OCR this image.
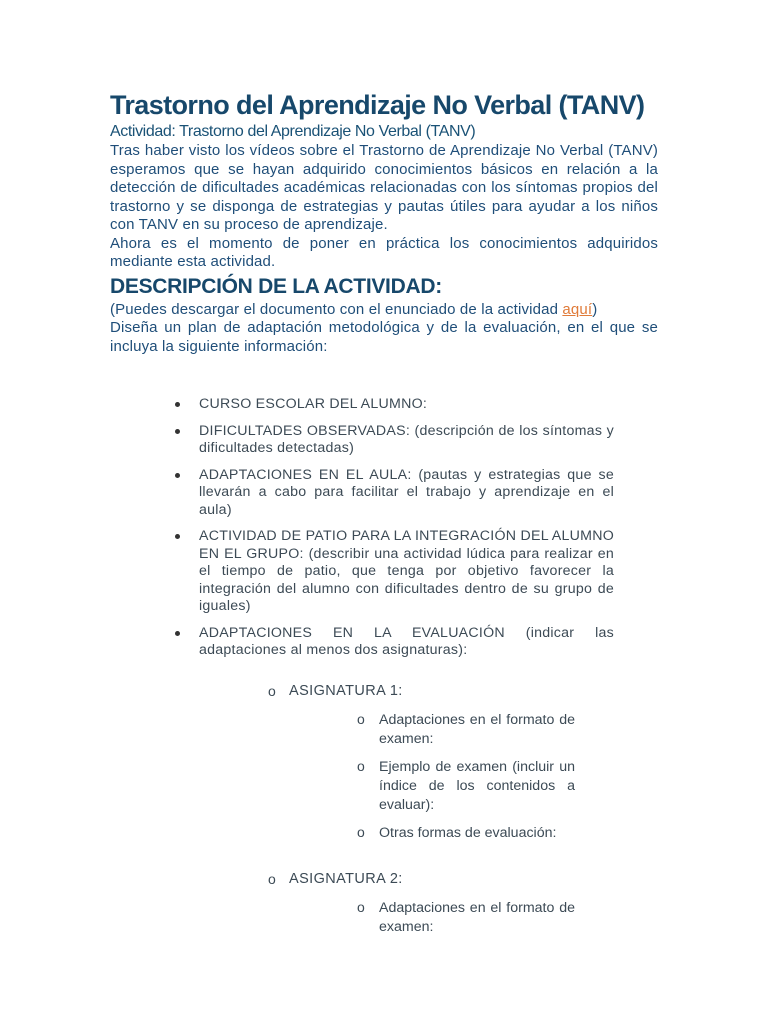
Trastorno del Aprendizaje No Verbal (TANV)

Actividad: Trastorno del Aprendizaje No Verbal (TANV)

Tras haber visto los vídeos sobre el Trastorno de Aprendizaje No Verbal (TANV) esperamos que se hayan adquirido conocimientos básicos en relación a la detección de dificultades académicas relacionadas con los síntomas propios del trastorno y se disponga de estrategias y pautas útiles para ayudar a los niños con TANV en su proceso de aprendizaje.

Ahora es el momento de poner en práctica los conocimientos adquiridos mediante esta actividad.

DESCRIPCIÓN DE LA ACTIVIDAD:

(Puedes descargar el documento con el enunciado de la actividad aquí)

Diseña un plan de adaptación metodológica y de la evaluación, en el que se incluya la siguiente información:

CURSO ESCOLAR DEL ALUMNO:
DIFICULTADES OBSERVADAS: (descripción de los síntomas y dificultades detectadas)
ADAPTACIONES EN EL AULA: (pautas y estrategias que se llevarán a cabo para facilitar el trabajo y aprendizaje en el aula)
ACTIVIDAD DE PATIO PARA LA INTEGRACIÓN DEL ALUMNO EN EL GRUPO: (describir una actividad lúdica para realizar en el tiempo de patio, que tenga por objetivo favorecer la integración del alumno con dificultades dentro de su grupo de iguales)
ADAPTACIONES EN LA EVALUACIÓN (indicar las adaptaciones al menos dos asignaturas):
o ASIGNATURA 1:
o Adaptaciones en el formato de examen:
o Ejemplo de examen (incluir un índice de los contenidos a evaluar):
o Otras formas de evaluación:
o ASIGNATURA 2:
o Adaptaciones en el formato de examen:
